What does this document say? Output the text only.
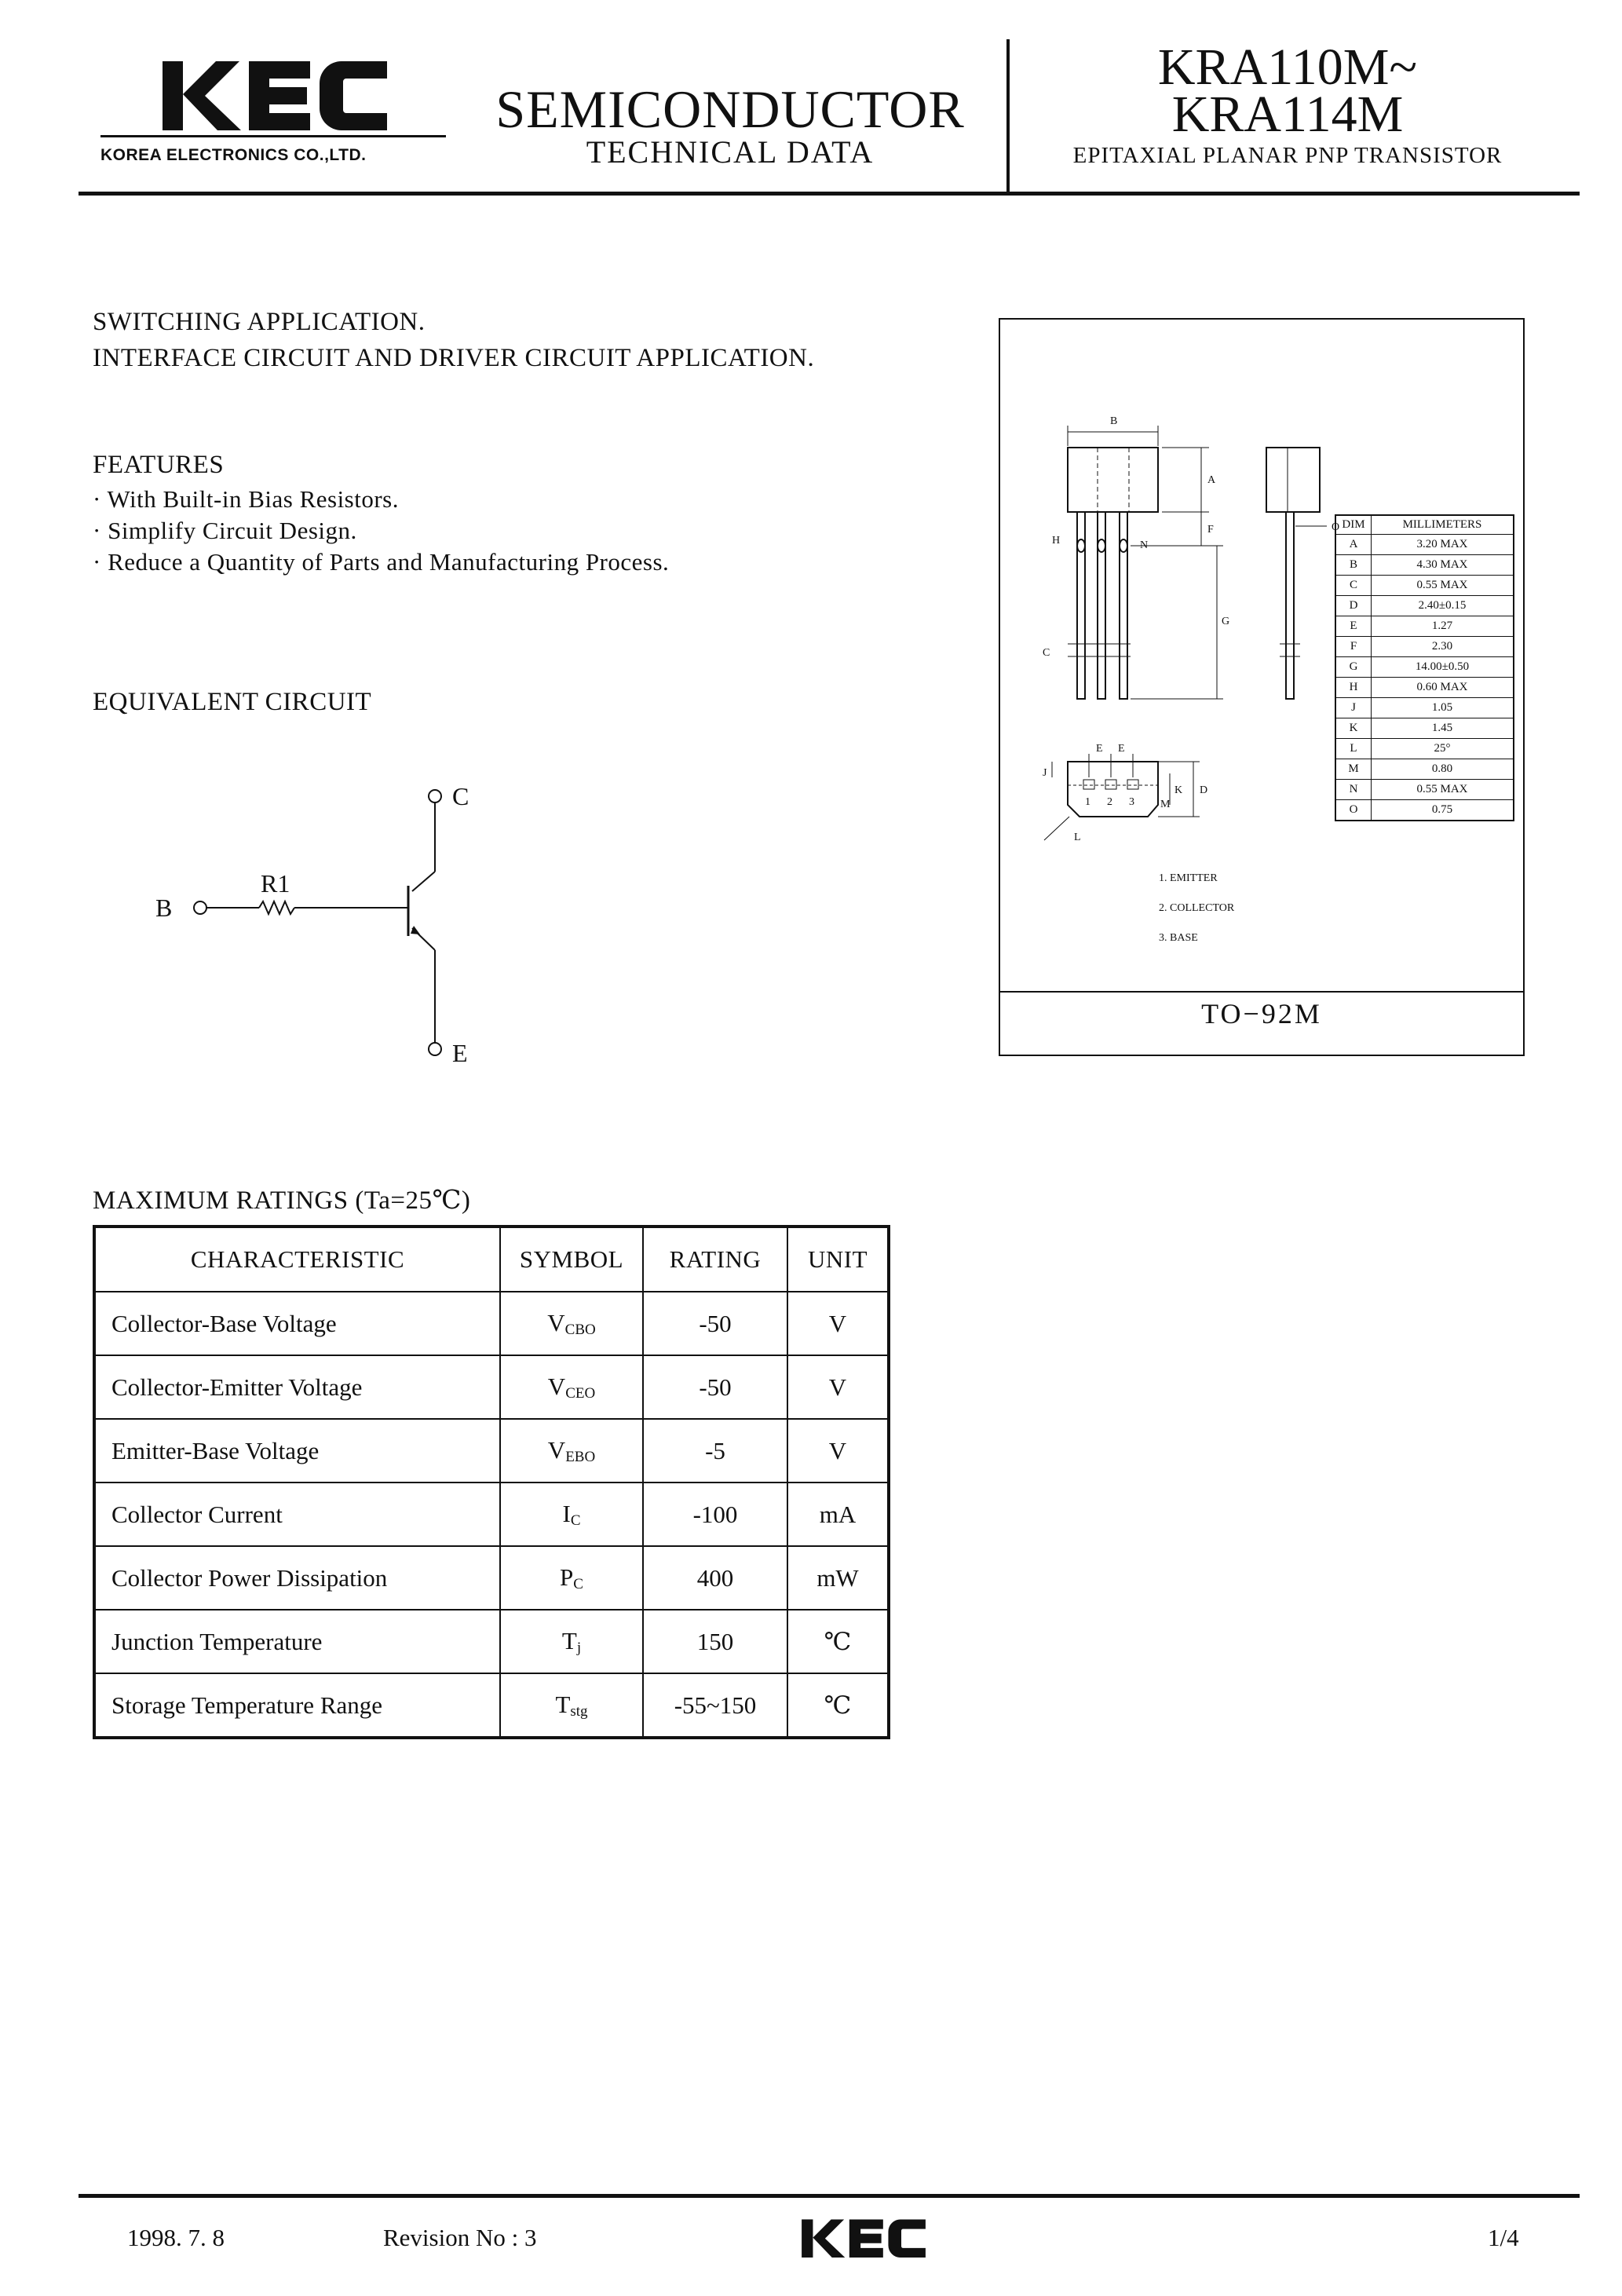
KOREA ELECTRONICS CO.,LTD.
SEMICONDUCTOR
TECHNICAL DATA
KRA110M~
KRA114M
EPITAXIAL PLANAR PNP TRANSISTOR
SWITCHING APPLICATION.
INTERFACE CIRCUIT AND DRIVER CIRCUIT APPLICATION.
FEATURES
· With Built-in Bias Resistors.
· Simplify Circuit Design.
· Reduce a Quantity of Parts and Manufacturing Process.
EQUIVALENT CIRCUIT
C
B
E
R1
TO−92M
B
A
F
G
H	N
C
O
E E
D
K
M
J
L
1 2 3
1. EMITTER
2. COLLECTOR
3. BASE
DIM	MILLIMETERS
A	3.20 MAX
B	4.30 MAX
C	0.55 MAX
D	2.40±0.15
E	1.27
F	2.30
G	14.00±0.50
H	0.60 MAX
J	1.05
K	1.45
L	25°
M	0.80
N	0.55 MAX
O	0.75
MAXIMUM RATINGS (Ta=25℃)
CHARACTERISTIC	SYMBOL	RATING	UNIT
Collector-Base Voltage	$V_{CBO}$	-50	V
Collector-Emitter Voltage	$V_{CEO}$	-50	V
Emitter-Base Voltage	$V_{EBO}$	-5	V
Collector Current	$I_C$	-100	mA
Collector Power Dissipation	$P_C$	400	mW
Junction Temperature	$T_j$	150	℃
Storage Temperature Range	$T_{stg}$	-55~150	℃
1998. 7. 8	Revision No : 3	1/4
